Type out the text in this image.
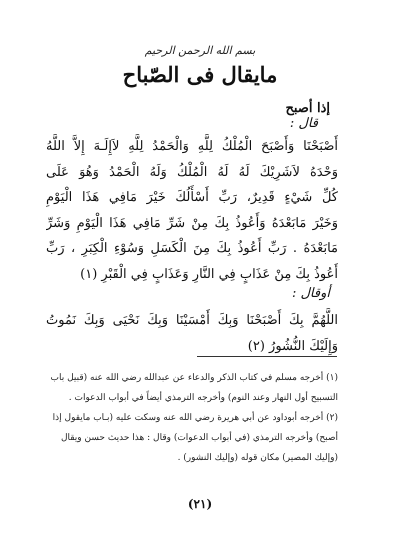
بسم الله الرحمن الرحيم
مايقال فى الصّباح
إذا أصبح
قال :
أَصْبَحْنَا وَأَصْبَحَ الْمُلْكُ لِلَّهِ وَالْحَمْدُ لِلَّهِ لاَإِلَـهَ إِلاَّ اللَّهُ
وَحْدَهُ لاَشَرِيْكَ لَهُ لَهُ الْمُلْكُ وَلَهُ الْحَمْدُ وَهُوَ عَلَى
كُلِّ شَيْءٍ قَدِيرٌ، رَبِّ أَسْأَلُكَ خَيْرَ مَافِي هَذَا الْيَوْمِ
وَخَيْرَ مَابَعْدَهُ وَأَعُوذُ بِكَ مِنْ شَرِّ مَافِي هَذَا الْيَوْمِ وَشَرِّ
مَابَعْدَهُ . رَبِّ أَعُوذُ بِكَ مِنَ الْكَسَلِ وَسُوْءِ الْكِبَرِ ، رَبِّ
أَعُوذُ بِكَ مِنْ عَذَابٍ فِي النَّارِ وَعَذَابٍ فِي الْقَبْرِ (١)
أوقال :
اللَّهُمَّ بِكَ أَصْبَحْنَا وَبِكَ أَمْسَيْنَا وَبِكَ نَحْيَى وَبِكَ نَمُوتُ
وَإِلَيْكَ النُّشُورُ (٢)
(١) أخرجه مسلم في كتاب الذكر والدعاء عن عبدالله رضي الله عنه (قبيل باب
التسبيح أول النهار وعند النوم) وأخرجه الترمذي أيضاً في أبواب الدعوات .
(٢) أخرجه أبوداود عن أبي هريرة رضي الله عنه وسكت عليه (بـاب مايقول إذا
أصبح) وأخرجه الترمذي (في أبواب الدعوات) وقال : هذا حديث حسن ويقال
(وإليك المصير) مكان قوله (وإليك النشور) .
(٢١)
